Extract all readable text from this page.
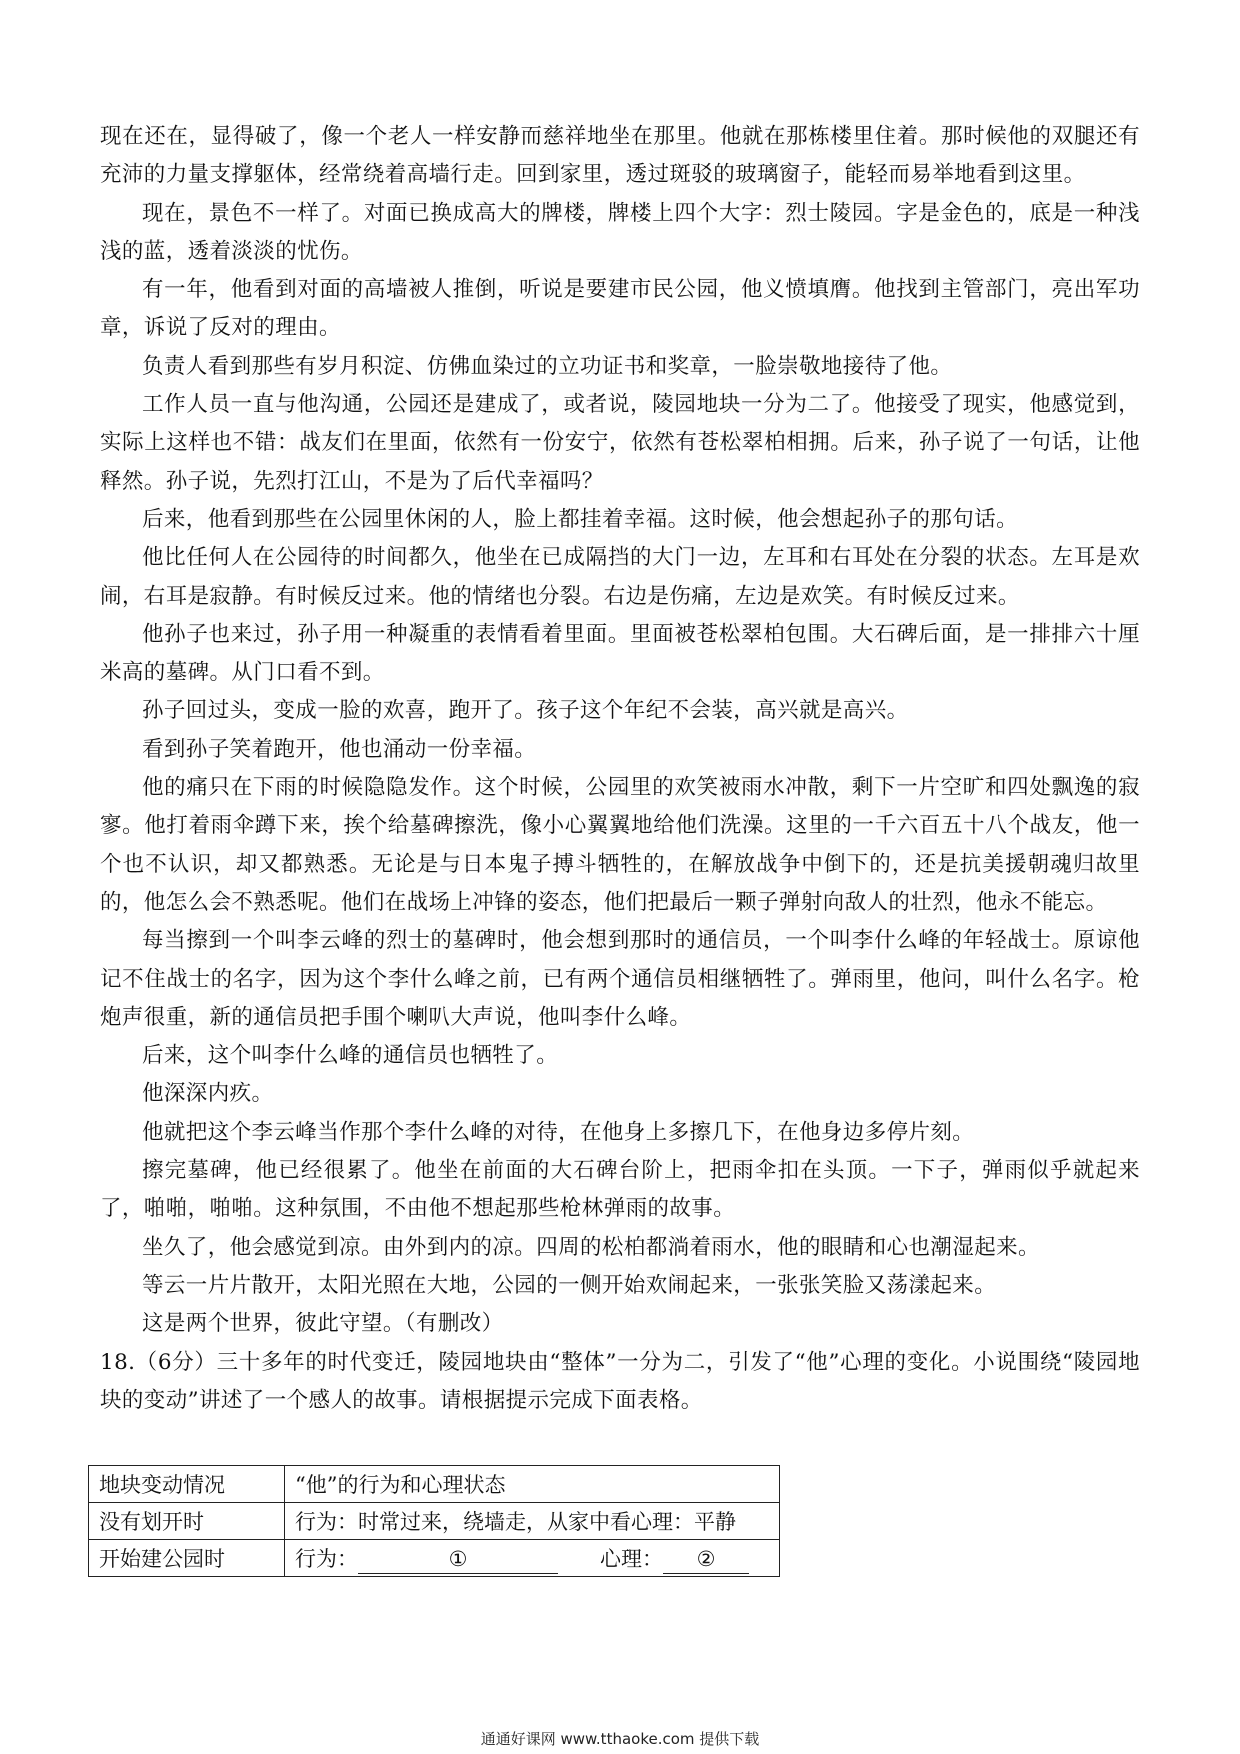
现在还在，显得破了，像一个老人一样安静而慈祥地坐在那里。他就在那栋楼里住着。那时候他的双腿还有充沛的力量支撑躯体，经常绕着高墙行走。回到家里，透过斑驳的玻璃窗子，能轻而易举地看到这里。

现在，景色不一样了。对面已换成高大的牌楼，牌楼上四个大字：烈士陵园。字是金色的，底是一种浅浅的蓝，透着淡淡的忧伤。

有一年，他看到对面的高墙被人推倒，听说是要建市民公园，他义愤填膺。他找到主管部门，亮出军功章，诉说了反对的理由。

负责人看到那些有岁月积淀、仿佛血染过的立功证书和奖章，一脸崇敬地接待了他。

工作人员一直与他沟通，公园还是建成了，或者说，陵园地块一分为二了。他接受了现实，他感觉到，实际上这样也不错：战友们在里面，依然有一份安宁，依然有苍松翠柏相拥。后来，孙子说了一句话，让他释然。孙子说，先烈打江山，不是为了后代幸福吗？

后来，他看到那些在公园里休闲的人，脸上都挂着幸福。这时候，他会想起孙子的那句话。

他比任何人在公园待的时间都久，他坐在已成隔挡的大门一边，左耳和右耳处在分裂的状态。左耳是欢闹，右耳是寂静。有时候反过来。他的情绪也分裂。右边是伤痛，左边是欢笑。有时候反过来。

他孙子也来过，孙子用一种凝重的表情看着里面。里面被苍松翠柏包围。大石碑后面，是一排排六十厘米高的墓碑。从门口看不到。

孙子回过头，变成一脸的欢喜，跑开了。孩子这个年纪不会装，高兴就是高兴。

看到孙子笑着跑开，他也涌动一份幸福。

他的痛只在下雨的时候隐隐发作。这个时候，公园里的欢笑被雨水冲散，剩下一片空旷和四处飘逸的寂寥。他打着雨伞蹲下来，挨个给墓碑擦洗，像小心翼翼地给他们洗澡。这里的一千六百五十八个战友，他一个也不认识，却又都熟悉。无论是与日本鬼子搏斗牺牲的，在解放战争中倒下的，还是抗美援朝魂归故里的，他怎么会不熟悉呢。他们在战场上冲锋的姿态，他们把最后一颗子弹射向敌人的壮烈，他永不能忘。

每当擦到一个叫李云峰的烈士的墓碑时，他会想到那时的通信员，一个叫李什么峰的年轻战士。原谅他记不住战士的名字，因为这个李什么峰之前，已有两个通信员相继牺牲了。弹雨里，他问，叫什么名字。枪炮声很重，新的通信员把手围个喇叭大声说，他叫李什么峰。

后来，这个叫李什么峰的通信员也牺牲了。

他深深内疚。

他就把这个李云峰当作那个李什么峰的对待，在他身上多擦几下，在他身边多停片刻。

擦完墓碑，他已经很累了。他坐在前面的大石碑台阶上，把雨伞扣在头顶。一下子，弹雨似乎就起来了，啪啪，啪啪。这种氛围，不由他不想起那些枪林弹雨的故事。

坐久了，他会感觉到凉。由外到内的凉。四周的松柏都淌着雨水，他的眼睛和心也潮湿起来。

等云一片片散开，太阳光照在大地，公园的一侧开始欢闹起来，一张张笑脸又荡漾起来。

这是两个世界，彼此守望。（有删改）

18.（6分）三十多年的时代变迁，陵园地块由“整体”一分为二，引发了“他”心理的变化。小说围绕“陵园地块的变动”讲述了一个感人的故事。请根据提示完成下面表格。

地块变动情况	“他”的行为和心理状态
没有划开时	行为：时常过来，绕墙走，从家中看心理：平静
开始建公园时	行为： ① 心理： ②
通通好课网 www.tthaoke.com 提供下载
